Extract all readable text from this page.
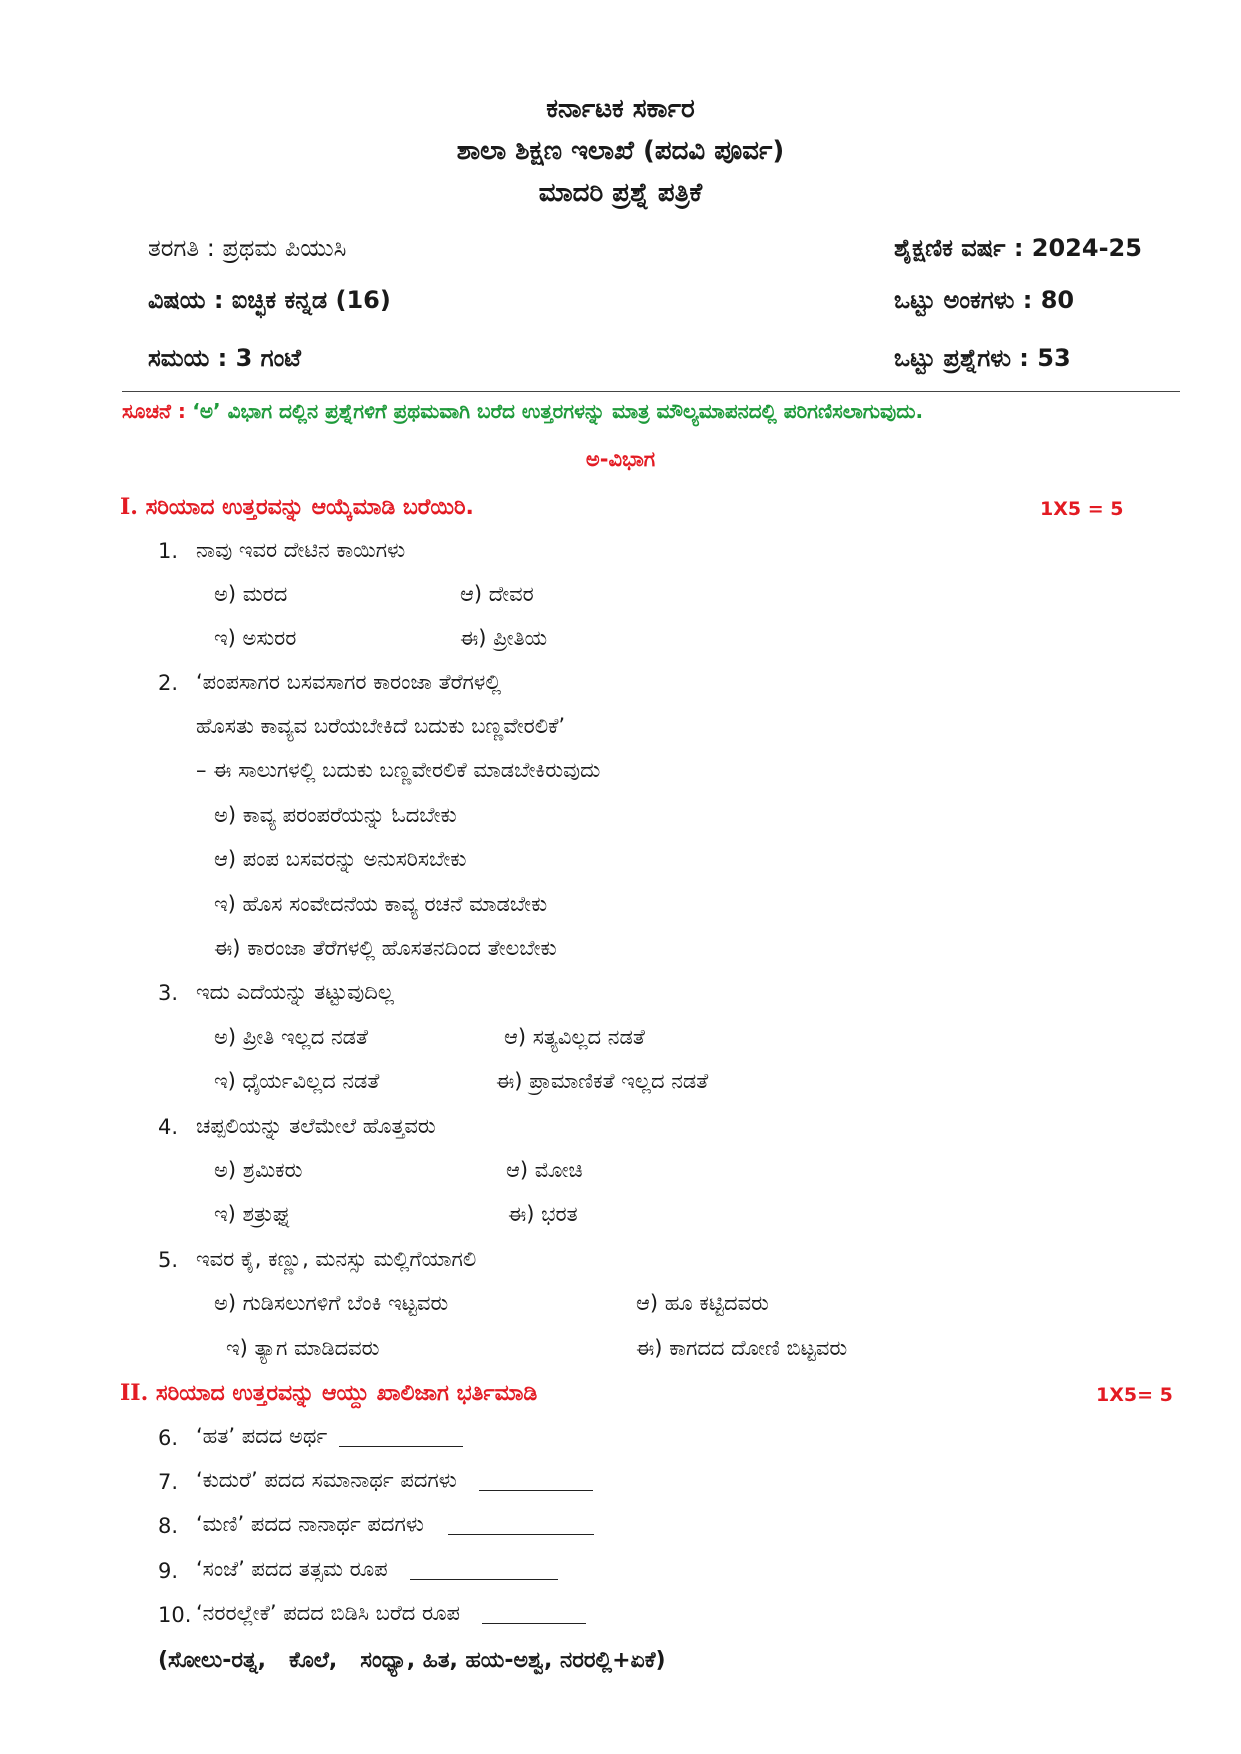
ಕರ್ನಾಟಕ ಸರ್ಕಾರ
ಶಾಲಾ ಶಿಕ್ಷಣ ಇಲಾಖೆ (ಪದವಿ ಪೂರ್ವ)
ಮಾದರಿ ಪ್ರಶ್ನೆ ಪತ್ರಿಕೆ
ತರಗತಿ : ಪ್ರಥಮ ಪಿಯುಸಿ	ಶೈಕ್ಷಣಿಕ ವರ್ಷ : 2024-25
ವಿಷಯ : ಐಚ್ಛಿಕ ಕನ್ನಡ (16)	ಒಟ್ಟು ಅಂಕಗಳು : 80
ಸಮಯ : 3 ಗಂಟೆ	ಒಟ್ಟು ಪ್ರಶ್ನೆಗಳು : 53
ಸೂಚನೆ : ‘ಅ’ ವಿಭಾಗ ದಲ್ಲಿನ ಪ್ರಶ್ನೆಗಳಿಗೆ ಪ್ರಥಮವಾಗಿ ಬರೆದ ಉತ್ತರಗಳನ್ನು ಮಾತ್ರ ಮೌಲ್ಯಮಾಪನದಲ್ಲಿ ಪರಿಗಣಿಸಲಾಗುವುದು.
ಅ-ವಿಭಾಗ
I. ಸರಿಯಾದ ಉತ್ತರವನ್ನು ಆಯ್ಕೆಮಾಡಿ ಬರೆಯಿರಿ.	1X5 = 5
1. ನಾವು ಇವರ ದೇಟಿನ ಕಾಯಿಗಳು
ಅ) ಮರದ	ಆ) ದೇವರ
ಇ) ಅಸುರರ	ಈ) ಪ್ರೀತಿಯ
2. ‘ಪಂಪಸಾಗರ ಬಸವಸಾಗರ ಕಾರಂಜಾ ತೆರೆಗಳಲ್ಲಿ
ಹೊಸತು ಕಾವ್ಯವ ಬರೆಯಬೇಕಿದೆ ಬದುಕು ಬಣ್ಣವೇರಲಿಕೆ’
– ಈ ಸಾಲುಗಳಲ್ಲಿ ಬದುಕು ಬಣ್ಣವೇರಲಿಕೆ ಮಾಡಬೇಕಿರುವುದು
ಅ) ಕಾವ್ಯ ಪರಂಪರೆಯನ್ನು ಓದಬೇಕು
ಆ) ಪಂಪ ಬಸವರನ್ನು ಅನುಸರಿಸಬೇಕು
ಇ) ಹೊಸ ಸಂವೇದನೆಯ ಕಾವ್ಯ ರಚನೆ ಮಾಡಬೇಕು
ಈ) ಕಾರಂಜಾ ತೆರೆಗಳಲ್ಲಿ ಹೊಸತನದಿಂದ ತೇಲಬೇಕು
3. ಇದು ಎದೆಯನ್ನು ತಟ್ಟುವುದಿಲ್ಲ
ಅ) ಪ್ರೀತಿ ಇಲ್ಲದ ನಡತೆ	ಆ) ಸತ್ಯವಿಲ್ಲದ ನಡತೆ
ಇ) ಧೈರ್ಯವಿಲ್ಲದ ನಡತೆ	ಈ) ಪ್ರಾಮಾಣಿಕತೆ ಇಲ್ಲದ ನಡತೆ
4. ಚಪ್ಪಲಿಯನ್ನು ತಲೆಮೇಲೆ ಹೊತ್ತವರು
ಅ) ಶ್ರಮಿಕರು	ಆ) ಮೋಚಿ
ಇ) ಶತ್ರುಘ್ನ	ಈ) ಭರತ
5. ಇವರ ಕೈ, ಕಣ್ಣು, ಮನಸ್ಸು ಮಲ್ಲಿಗೆಯಾಗಲಿ
ಅ) ಗುಡಿಸಲುಗಳಿಗೆ ಬೆಂಕಿ ಇಟ್ಟವರು	ಆ) ಹೂ ಕಟ್ಟಿದವರು
ಇ) ತ್ಯಾಗ ಮಾಡಿದವರು	ಈ) ಕಾಗದದ ದೋಣಿ ಬಿಟ್ಟವರು
II. ಸರಿಯಾದ ಉತ್ತರವನ್ನು ಆಯ್ದು ಖಾಲಿಜಾಗ ಭರ್ತಿಮಾಡಿ	1X5= 5
6. ‘ಹತ’ ಪದದ ಅರ್ಥ
7. ‘ಕುದುರೆ’ ಪದದ ಸಮಾನಾರ್ಥ ಪದಗಳು
8. ‘ಮಣಿ’ ಪದದ ನಾನಾರ್ಥ ಪದಗಳು
9. ‘ಸಂಜೆ’ ಪದದ ತತ್ಸಮ ರೂಪ
10. ‘ನರರಲ್ಲೇಕೆ’ ಪದದ ಬಿಡಿಸಿ ಬರೆದ ರೂಪ
(ಸೋಲು-ರತ್ನ,   ಕೊಲೆ,   ಸಂಧ್ಯಾ, ಹಿತ, ಹಯ-ಅಶ್ವ, ನರರಲ್ಲಿ+ಏಕೆ)
